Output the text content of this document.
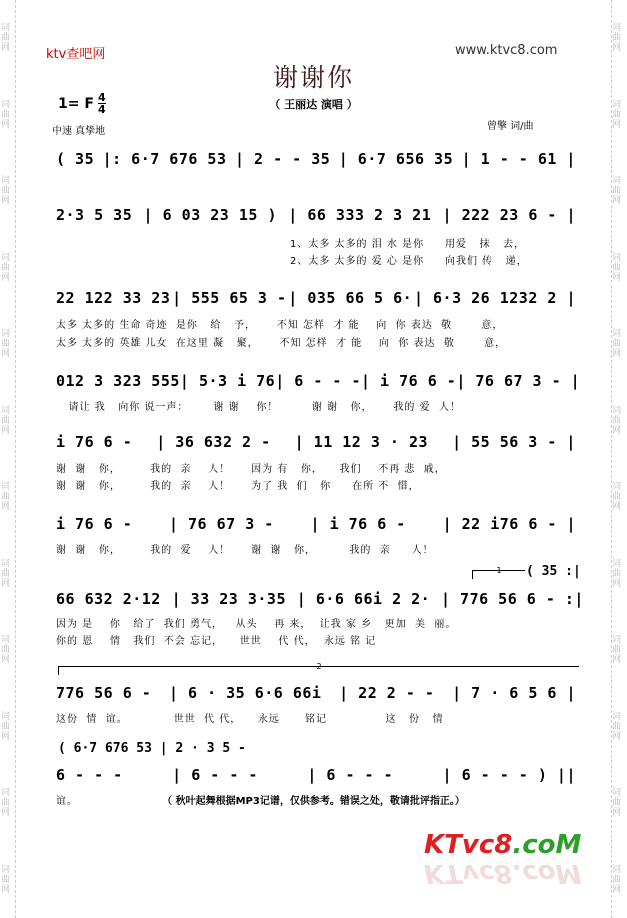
词曲网
词曲网
词曲网
词曲网
词曲网
词曲网
词曲网
词曲网
词曲网
词曲网
词曲网
词曲网
词曲网
词曲网
词曲网
词曲网
词曲网
词曲网
词曲网
词曲网
词曲网
词曲网
词曲网
词曲网
ktv查吧网	www.ktvc8.com
谢谢你
（ 王丽达 演唱 ）
1= F 4
4
中速 真挚地	曾擎 词/曲
( 35 |: 6·7 676 53 | 2 - - 35 | 6·7 656 35 | 1 - - 61 |
2·3 5 35 | 6 03 23 15 ) | 66 333 2 3 21 | 222 23 6 - |
1、太多 太多的 泪 水 是你     用爱   抹   去，
2、太多 太多的 爱 心 是你     向我们 传   递，
22 122 33 23 | 555 65 3 - | 035 66 5 6· | 6·3 26 1232 2 |
太多 太多的 生命 奇迹  是你   给   予，     不知 怎样  才 能    向  你 表达  敬       意，
太多 太多的 英雄 儿女  在这里 凝   聚，     不知 怎样  才 能    向  你 表达  敬       意，
012 3 323 555 | 5·3 i 76 | 6 - - - | i 76 6 - | 76 67 3 - |
请让 我   向你 说一声：      谢 谢    你！        谢 谢   你，     我的 爱  人！
i 76 6 - | 36 632 2 - | 11 12 3 · 23 | 55 56 3 - |
谢  谢   你，       我的  亲    人！     因为 有   你，    我们    不再 悲  戚，
谢  谢   你，       我的  亲    人！     为了 我  们   你     在所 不  惜，
i 76 6 - | 76 67 3 - | i 76 6 - | 22 i76 6 - |
谢  谢   你，       我的  爱    人！     谢  谢   你，        我的  亲     人！
1	( 35 :|
66 632 2·12 | 33 23 3·35 | 6·6 66i 2 2· | 776 56 6 - :|
因为 是    你   给了  我们 勇气，   从头    再 来，  让我 家 乡   更加  美  丽。
你的 恩    情   我们  不会 忘记，    世世    代 代，  永远 铭 记
2
776 56 6 - | 6 · 35 6·6 66i | 22 2 - - | 7 · 6 5 6 |
这份  情  谊。           世世  代 代，    永远      铭记              这   份   情
( 6·7 676 53 | 2 · 3 5 -
6 - - -	| 6 - - -	| 6 - - -	| 6 - - - ) ||
谊。	（ 秋叶起舞根据MP3记谱，仅供参考。错误之处，敬请批评指正。）
KTvc8.coM
KTvc8.coM
